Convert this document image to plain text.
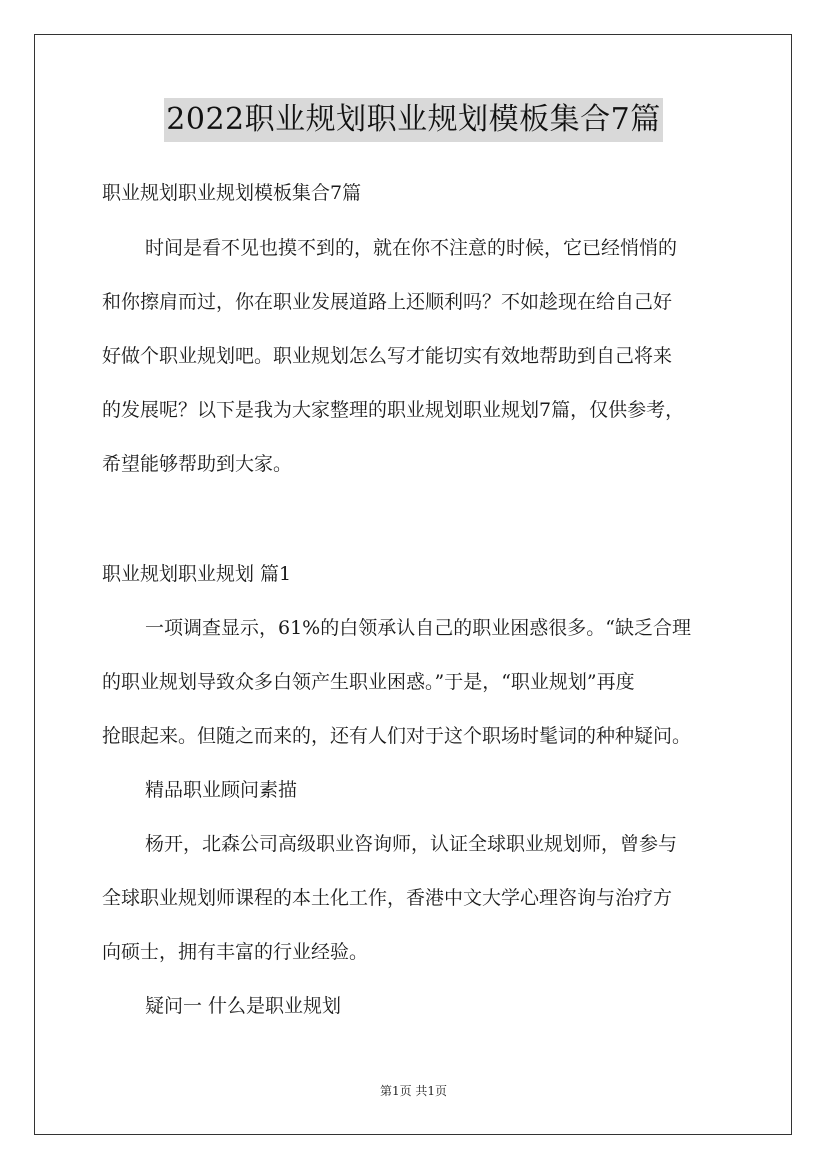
2022职业规划职业规划模板集合7篇
职业规划职业规划模板集合7篇
时间是看不见也摸不到的，就在你不注意的时候，它已经悄悄的
和你擦肩而过，你在职业发展道路上还顺利吗？不如趁现在给自己好
好做个职业规划吧。职业规划怎么写才能切实有效地帮助到自己将来
的发展呢？以下是我为大家整理的职业规划职业规划7篇，仅供参考，
希望能够帮助到大家。
职业规划职业规划 篇1
一项调查显示，61%的白领承认自己的职业困惑很多。“缺乏合理
的职业规划导致众多白领产生职业困惑。”于是，“职业规划”再度
抢眼起来。但随之而来的，还有人们对于这个职场时髦词的种种疑问。
精品职业顾问素描
杨开，北森公司高级职业咨询师，认证全球职业规划师，曾参与
全球职业规划师课程的本土化工作，香港中文大学心理咨询与治疗方
向硕士，拥有丰富的行业经验。
疑问一 什么是职业规划
第1页 共1页
